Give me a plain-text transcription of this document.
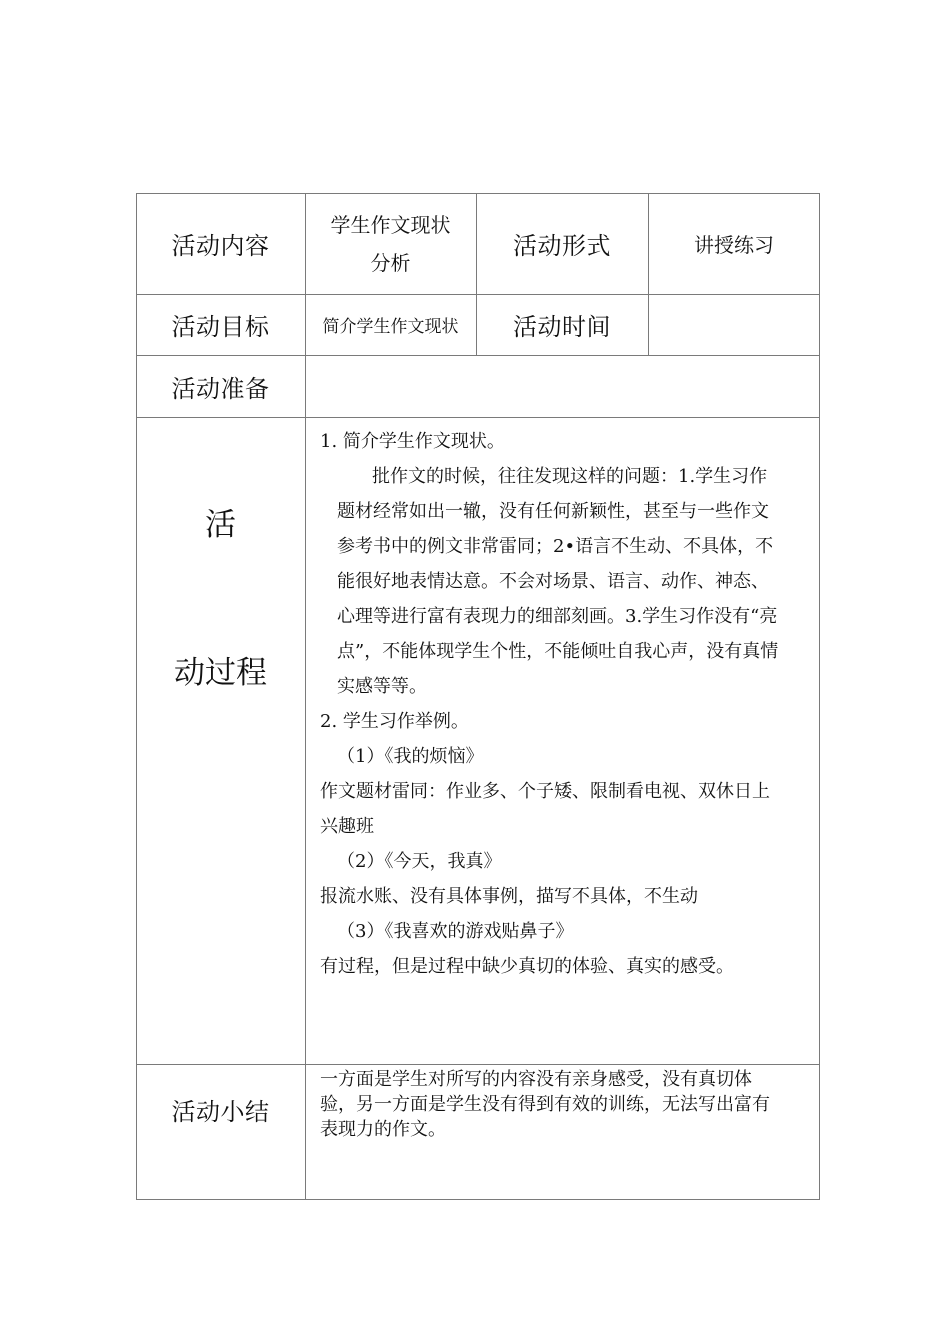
活动内容
学生作文现状
分析
活动形式	讲授练习
活动目标	简介学生作文现状 活动时间
活动准备
活
动过程
1. 简介学生作文现状。
批作文的时候，往往发现这样的问题：1.学生习作
题材经常如出一辙，没有任何新颖性，甚至与一些作文
参考书中的例文非常雷同；2•语言不生动、不具体，不
能很好地表情达意。不会对场景、语言、动作、神态、
心理等进行富有表现力的细部刻画。3.学生习作没有“亮
点”，不能体现学生个性，不能倾吐自我心声，没有真情
实感等等。
2. 学生习作举例。
（1）《我的烦恼》
作文题材雷同：作业多、个子矮、限制看电视、双休日上
兴趣班
（2）《今天，我真》
报流水账、没有具体事例，描写不具体，不生动
（3）《我喜欢的游戏贴鼻子》
有过程，但是过程中缺少真切的体验、真实的感受。
活动小结
一方面是学生对所写的内容没有亲身感受，没有真切体
验，另一方面是学生没有得到有效的训练，无法写出富有
表现力的作文。
